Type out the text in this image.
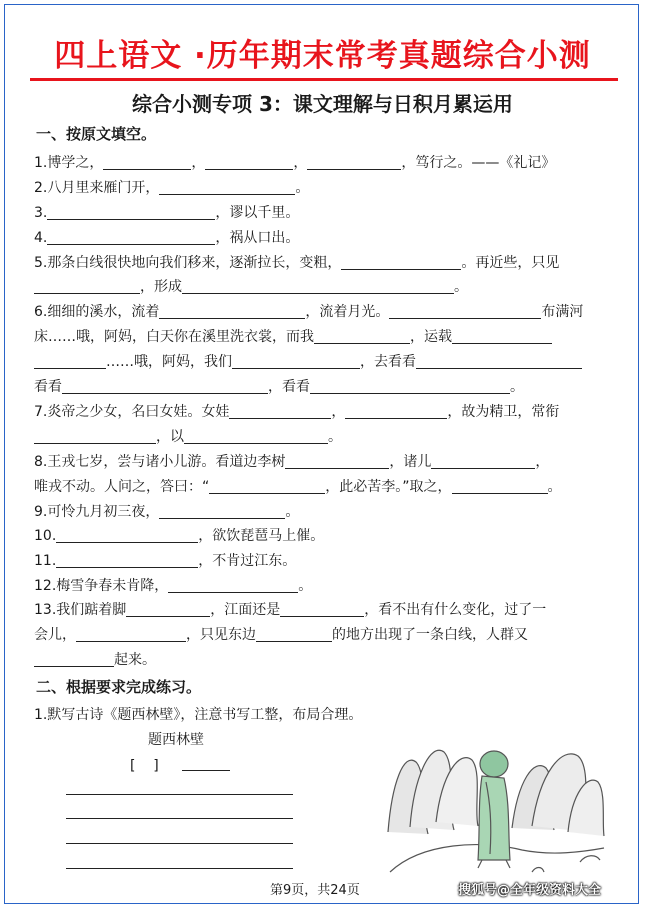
四上语文 ·历年期末常考真题综合小测
综合小测专项 3：课文理解与日积月累运用
一、按原文填空。
1.博学之，	，	，	，笃行之。——《礼记》
2.八月里来雁门开，	。
3.	，谬以千里。
4.	，祸从口出。
5.那条白线很快地向我们移来，逐渐拉长，变粗，	。再近些，只见
，形成	。
6.细细的溪水，流着	，流着月光。	布满河
床……哦，阿妈，白天你在溪里洗衣裳，而我	，运载
……哦，阿妈，我们	，去看看
看看	，看看	。
7.炎帝之少女，名曰女娃。女娃	，	，故为精卫，常衔
，以	。
8.王戎七岁，尝与诸小儿游。看道边李树	，诸儿	，
唯戎不动。人问之，答曰：“	，此必苦李。”取之，	。
9.可怜九月初三夜，	。
10.	，欲饮琵琶马上催。
11.	，不肯过江东。
12.梅雪争春未肯降，	。
13.我们踮着脚	，江面还是	，看不出有什么变化，过了一
会儿，	，只见东边	的地方出现了一条白线，人群又
起来。
二、根据要求完成练习。
1.默写古诗《题西林壁》，注意书写工整，布局合理。
题西林壁
[    ]
第9页，共24页	搜狐号@全年级资料大全
